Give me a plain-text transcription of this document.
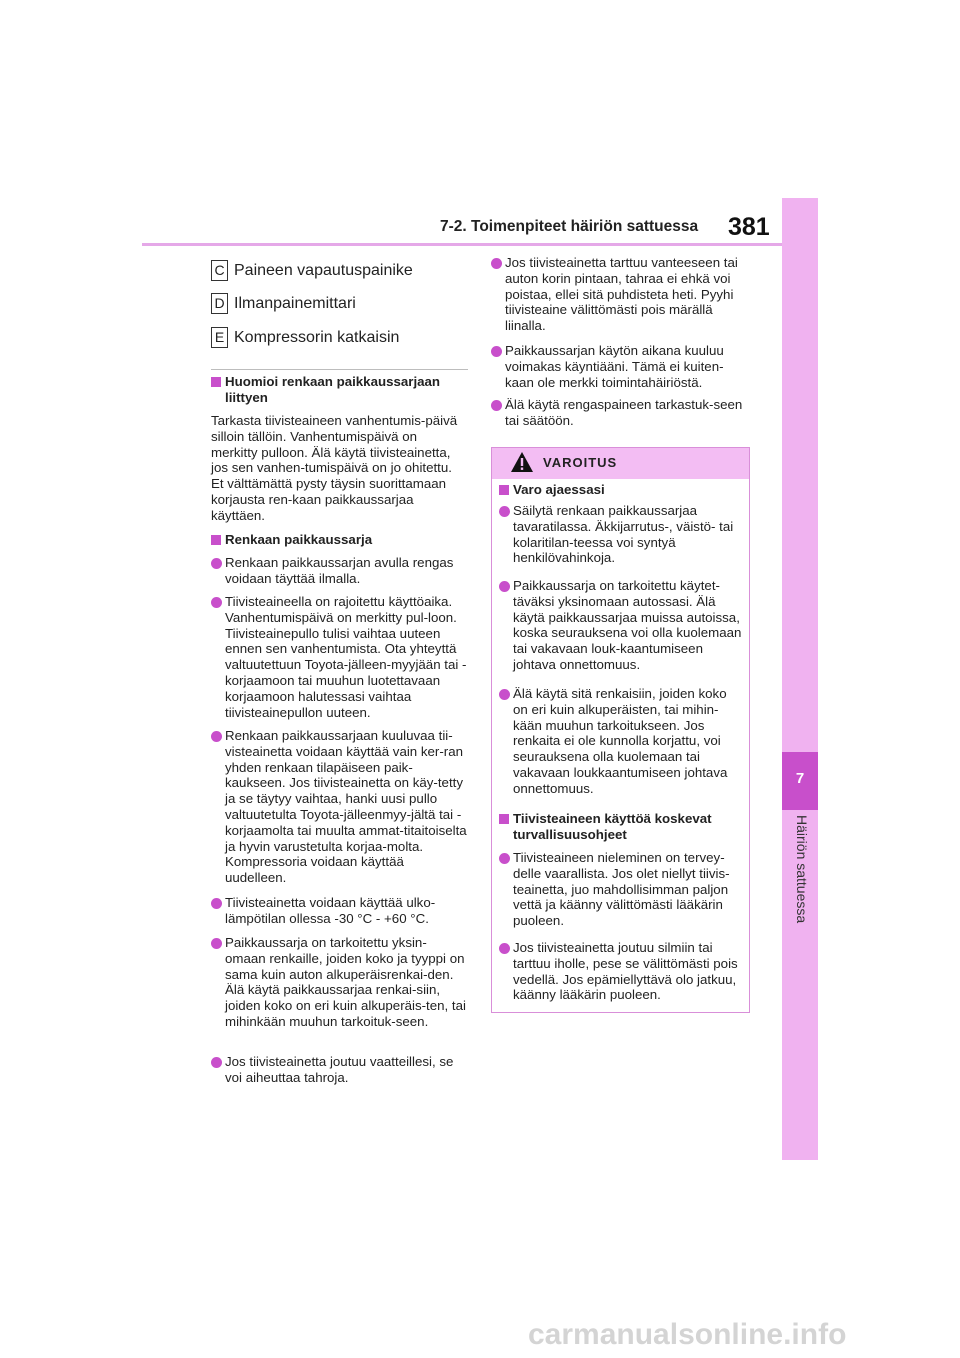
7-2. Toimenpiteet häiriön sattuessa 381
7
Häiriön sattuessa
C Paineen vapautuspainike
D Ilmanpainemittari
E Kompressorin katkaisin
Huomioi renkaan paikkaussarjaan liittyen
Tarkasta tiivisteaineen vanhentumis-päivä silloin tällöin. Vanhentumispäivä on merkitty pulloon. Älä käytä tiivisteainetta, jos sen vanhen-tumispäivä on jo ohitettu. Et välttämättä pysty täysin suorittamaan korjausta ren-kaan paikkaussarjaa käyttäen.
Renkaan paikkaussarja
Renkaan paikkaussarjan avulla rengas voidaan täyttää ilmalla.
Tiivisteaineella on rajoitettu käyttöaika. Vanhentumispäivä on merkitty pul-loon. Tiivisteainepullo tulisi vaihtaa uuteen ennen sen vanhentumista. Ota yhteyttä valtuutettuun Toyota-jälleen-myyjään tai -korjaamoon tai muuhun luotettavaan korjaamoon halutessasi vaihtaa tiivisteainepullon uuteen.
Renkaan paikkaussarjaan kuuluvaa tii-visteainetta voidaan käyttää vain ker-ran yhden renkaan tilapäiseen paik-kaukseen. Jos tiivisteainetta on käy-tetty ja se täytyy vaihtaa, hanki uusi pullo valtuutetulta Toyota-jälleenmyy-jältä tai -korjaamolta tai muulta ammat-titaitoiselta ja hyvin varustetulta korjaa-molta. Kompressoria voidaan käyttää uudelleen.
Tiivisteainetta voidaan käyttää ulko-lämpötilan ollessa -30 °C - +60 °C.
Paikkaussarja on tarkoitettu yksin-omaan renkaille, joiden koko ja tyyppi on sama kuin auton alkuperäisrenkai-den. Älä käytä paikkaussarjaa renkai-siin, joiden koko on eri kuin alkuperäis-ten, tai mihinkään muuhun tarkoituk-seen.
Jos tiivisteainetta joutuu vaatteillesi, se voi aiheuttaa tahroja.
Jos tiivisteainetta tarttuu vanteeseen tai auton korin pintaan, tahraa ei ehkä voi poistaa, ellei sitä puhdisteta heti. Pyyhi tiivisteaine välittömästi pois märällä liinalla.
Paikkaussarjan käytön aikana kuuluu voimakas käyntiääni. Tämä ei kuiten-kaan ole merkki toimintahäiriöstä.
Älä käytä rengaspaineen tarkastuk-seen tai säätöön.
VAROITUS
Varo ajaessasi
Säilytä renkaan paikkaussarjaa tavaratilassa. Äkkijarrutus-, väistö- tai kolaritilan-teessa voi syntyä henkilövahinkoja.
Paikkaussarja on tarkoitettu käytet-täväksi yksinomaan autossasi. Älä käytä paikkaussarjaa muissa autoissa, koska seurauksena voi olla kuolemaan tai vakavaan louk-kaantumiseen johtava onnettomuus.
Älä käytä sitä renkaisiin, joiden koko on eri kuin alkuperäisten, tai mihin-kään muuhun tarkoitukseen. Jos renkaita ei ole kunnolla korjattu, voi seurauksena olla kuolemaan tai vakavaan loukkaantumiseen johtava onnettomuus.
Tiivisteaineen käyttöä koskevat turvallisuusohjeet
Tiivisteaineen nieleminen on tervey-delle vaarallista. Jos olet niellyt tiivis-teainetta, juo mahdollisimman paljon vettä ja käänny välittömästi lääkärin puoleen.
Jos tiivisteainetta joutuu silmiin tai tarttuu iholle, pese se välittömästi pois vedellä. Jos epämiellyttävä olo jatkuu, käänny lääkärin puoleen.
carmanualsonline.info
